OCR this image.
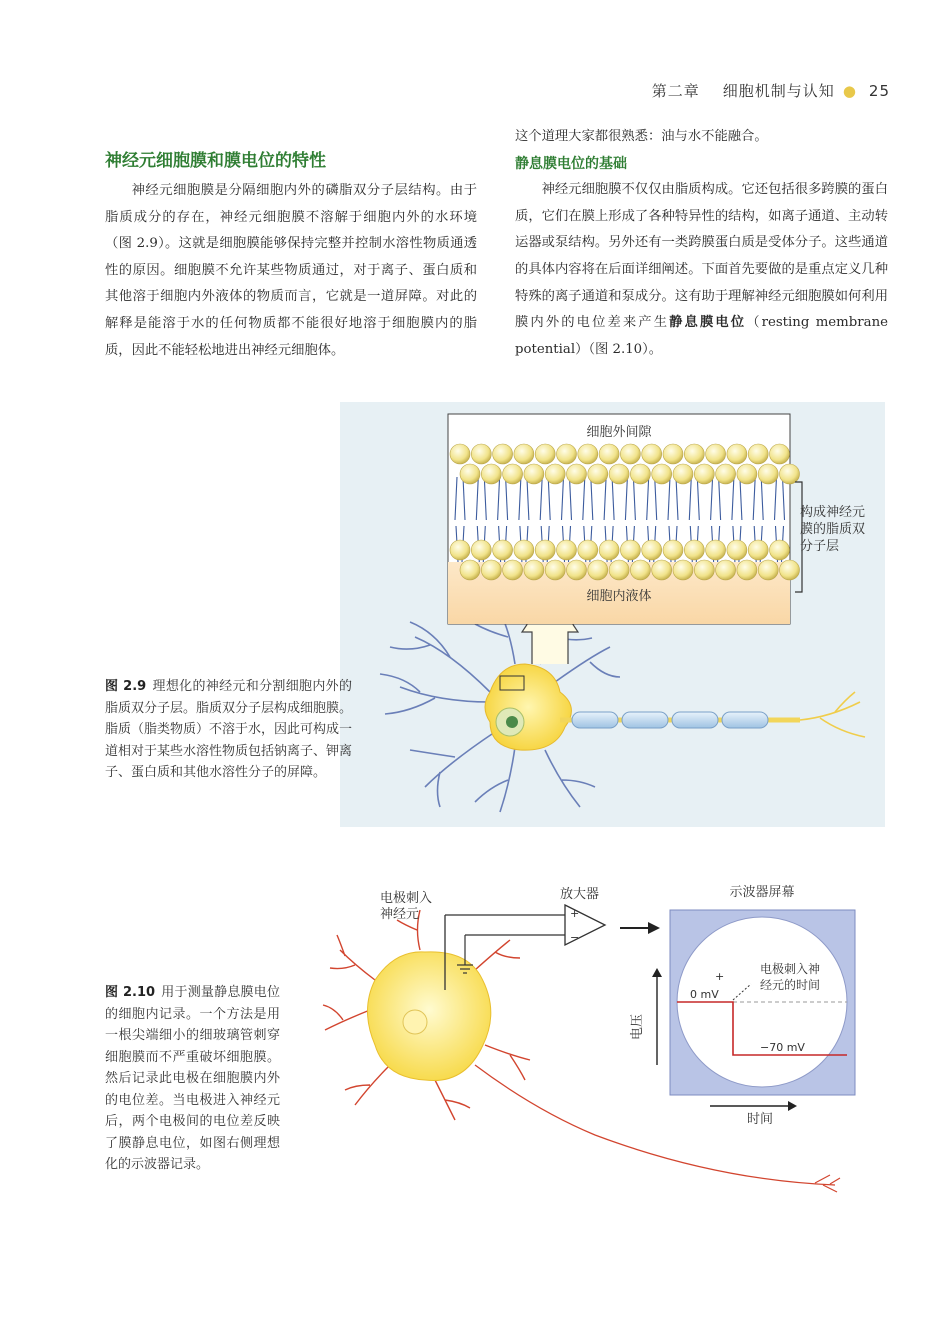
第二章 细胞机制与认知 ● 25
神经元细胞膜和膜电位的特性

神经元细胞膜是分隔细胞内外的磷脂双分子层结构。由于脂质成分的存在，神经元细胞膜不溶解于细胞内外的水环境（图 2.9）。这就是细胞膜能够保持完整并控制水溶性物质通透性的原因。细胞膜不允许某些物质通过，对于离子、蛋白质和其他溶于细胞内外液体的物质而言，它就是一道屏障。对此的解释是能溶于水的任何物质都不能很好地溶于细胞膜内的脂质，因此不能轻松地进出神经元细胞体。

这个道理大家都很熟悉：油与水不能融合。

静息膜电位的基础

神经元细胞膜不仅仅由脂质构成。它还包括很多跨膜的蛋白质，它们在膜上形成了各种特异性的结构，如离子通道、主动转运器或泵结构。另外还有一类跨膜蛋白质是受体分子。这些通道的具体内容将在后面详细阐述。下面首先要做的是重点定义几种特殊的离子通道和泵成分。这有助于理解神经元细胞膜如何利用膜内外的电位差来产生静息膜电位（resting membrane potential）（图 2.10）。

细胞外间隙
细胞内液体
构成神经元
膜的脂质双
分子层
图 2.9 理想化的神经元和分割细胞内外的脂质双分子层。脂质双分子层构成细胞膜。脂质（脂类物质）不溶于水，因此可构成一道相对于某些水溶性物质包括钠离子、钾离子、蛋白质和其他水溶性分子的屏障。
+
−
放大器
电极刺入
神经元
示波器屏幕
+
电极刺入神
经元的时间
0 mV
−70 mV
电压
时间
图 2.10 用于测量静息膜电位的细胞内记录。一个方法是用一根尖端细小的细玻璃管刺穿细胞膜而不严重破坏细胞膜。然后记录此电极在细胞膜内外的电位差。当电极进入神经元后，两个电极间的电位差反映了膜静息电位，如图右侧理想化的示波器记录。
